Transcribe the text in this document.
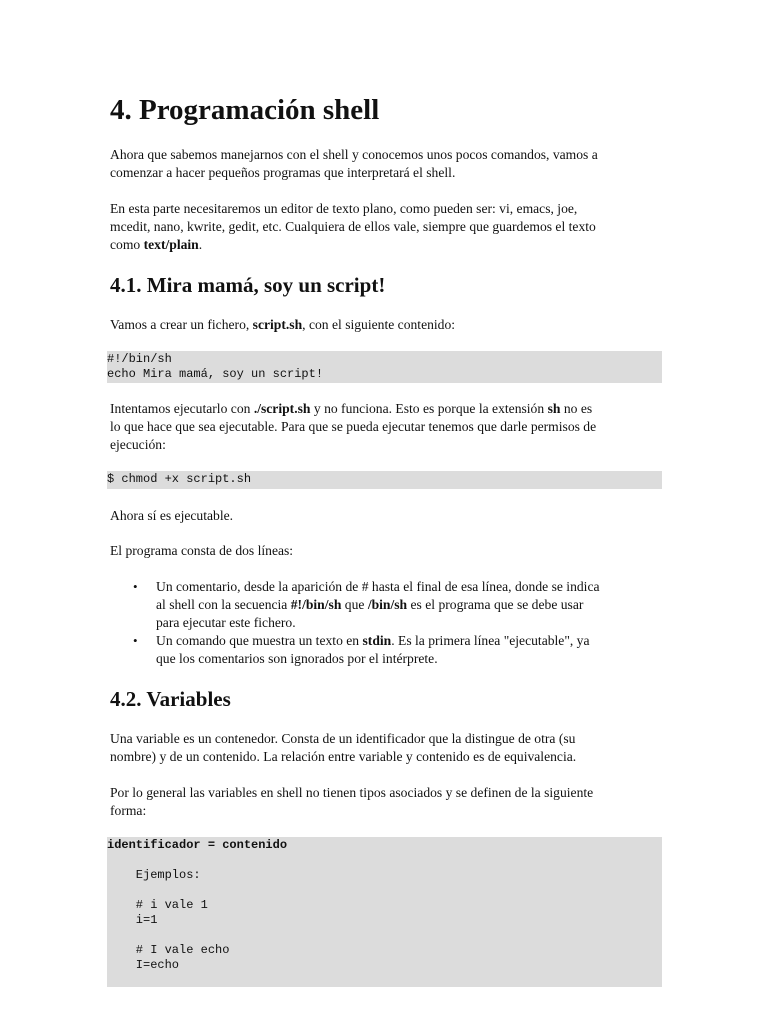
4. Programación shell
Ahora que sabemos manejarnos con el shell y conocemos unos pocos comandos, vamos a
comenzar a hacer pequeños programas que interpretará el shell.
En esta parte necesitaremos un editor de texto plano, como pueden ser: vi, emacs, joe,
mcedit, nano, kwrite, gedit, etc. Cualquiera de ellos vale, siempre que guardemos el texto
como text/plain.
4.1. Mira mamá, soy un script!
Vamos a crear un fichero, script.sh, con el siguiente contenido:
#!/bin/sh
echo Mira mamá, soy un script!
Intentamos ejecutarlo con ./script.sh y no funciona. Esto es porque la extensión sh no es
lo que hace que sea ejecutable. Para que se pueda ejecutar tenemos que darle permisos de
ejecución:
$ chmod +x script.sh
Ahora sí es ejecutable.
El programa consta de dos líneas:
• Un comentario, desde la aparición de # hasta el final de esa línea, donde se indica
al shell con la secuencia #!/bin/sh que /bin/sh es el programa que se debe usar
para ejecutar este fichero.
• Un comando que muestra un texto en stdin. Es la primera línea "ejecutable", ya
que los comentarios son ignorados por el intérprete.
4.2. Variables
Una variable es un contenedor. Consta de un identificador que la distingue de otra (su
nombre) y de un contenido. La relación entre variable y contenido es de equivalencia.
Por lo general las variables en shell no tienen tipos asociados y se definen de la siguiente
forma:
identificador = contenido
Ejemplos:
# i vale 1
i=1
# I vale echo
I=echo
